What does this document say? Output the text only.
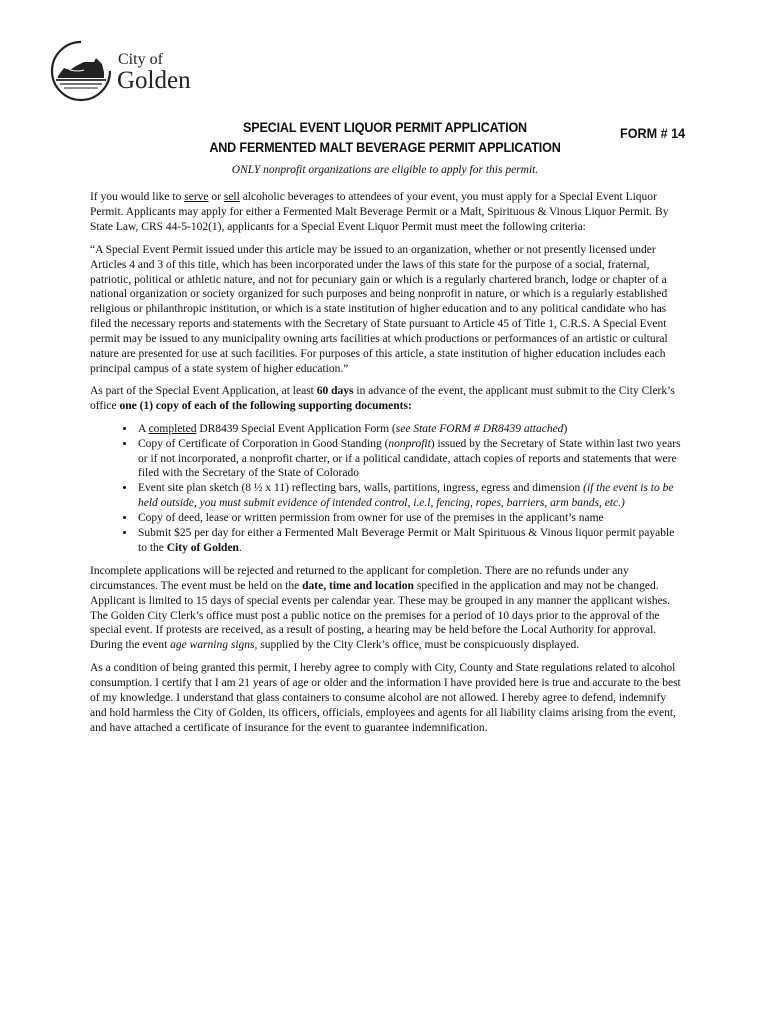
City of
Golden
SPECIAL EVENT LIQUOR PERMIT APPLICATION
AND FERMENTED MALT BEVERAGE PERMIT APPLICATION
FORM # 14
ONLY nonprofit organizations are eligible to apply for this permit.

If you would like to serve or sell alcoholic beverages to attendees of your event, you must apply for a Special Event Liquor Permit. Applicants may apply for either a Fermented Malt Beverage Permit or a Malt, Spirituous & Vinous Liquor Permit. By State Law, CRS 44-5-102(1), applicants for a Special Event Liquor Permit must meet the following criteria:

“A Special Event Permit issued under this article may be issued to an organization, whether or not presently licensed under Articles 4 and 3 of this title, which has been incorporated under the laws of this state for the purpose of a social, fraternal, patriotic, political or athletic nature, and not for pecuniary gain or which is a regularly chartered branch, lodge or chapter of a national organization or society organized for such purposes and being nonprofit in nature, or which is a regularly established religious or philanthropic institution, or which is a state institution of higher education and to any political candidate who has filed the necessary reports and statements with the Secretary of State pursuant to Article 45 of Title 1, C.R.S. A Special Event permit may be issued to any municipality owning arts facilities at which productions or performances of an artistic or cultural nature are presented for use at such facilities. For purposes of this article, a state institution of higher education includes each principal campus of a state system of higher education.”

As part of the Special Event Application, at least 60 days in advance of the event, the applicant must submit to the City Clerk’s office one (1) copy of each of the following supporting documents:

• A completed DR8439 Special Event Application Form (see State FORM # DR8439 attached)
• Copy of Certificate of Corporation in Good Standing (nonprofit) issued by the Secretary of State within last two years or if not incorporated, a nonprofit charter, or if a political candidate, attach copies of reports and statements that were filed with the Secretary of the State of Colorado
• Event site plan sketch (8 ½ x 11) reflecting bars, walls, partitions, ingress, egress and dimension (if the event is to be held outside, you must submit evidence of intended control, i.e.l, fencing, ropes, barriers, arm bands, etc.)
• Copy of deed, lease or written permission from owner for use of the premises in the applicant’s name
• Submit $25 per day for either a Fermented Malt Beverage Permit or Malt Spirituous & Vinous liquor permit payable to the City of Golden.

Incomplete applications will be rejected and returned to the applicant for completion. There are no refunds under any circumstances. The event must be held on the date, time and location specified in the application and may not be changed. Applicant is limited to 15 days of special events per calendar year. These may be grouped in any manner the applicant wishes. The Golden City Clerk’s office must post a public notice on the premises for a period of 10 days prior to the approval of the special event. If protests are received, as a result of posting, a hearing may be held before the Local Authority for approval. During the event age warning signs, supplied by the City Clerk’s office, must be conspicuously displayed.

As a condition of being granted this permit, I hereby agree to comply with City, County and State regulations related to alcohol consumption. I certify that I am 21 years of age or older and the information I have provided here is true and accurate to the best of my knowledge. I understand that glass containers to consume alcohol are not allowed. I hereby agree to defend, indemnify and hold harmless the City of Golden, its officers, officials, employees and agents for all liability claims arising from the event, and have attached a certificate of insurance for the event to guarantee indemnification.
